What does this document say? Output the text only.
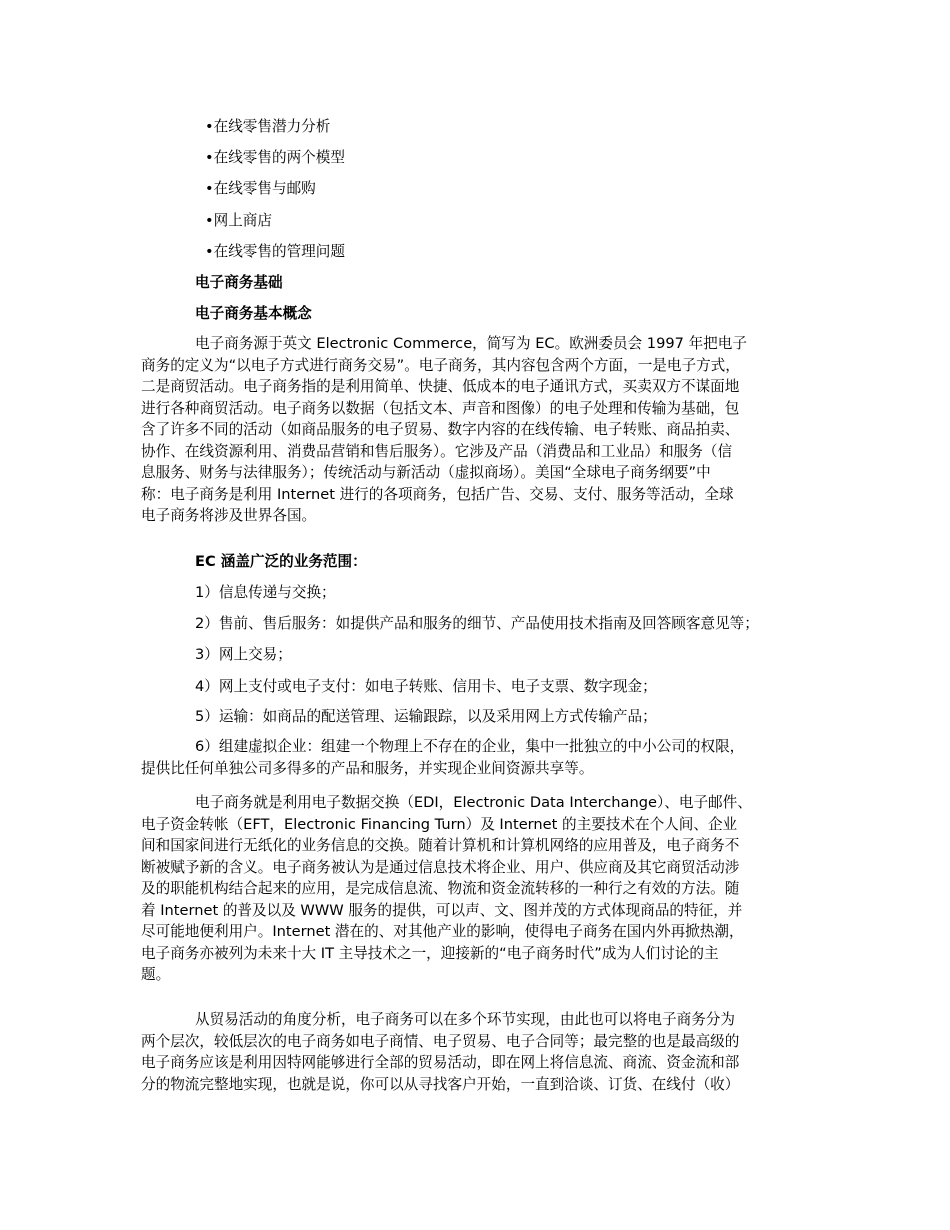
•在线零售潜力分析
•在线零售的两个模型
•在线零售与邮购
•网上商店
•在线零售的管理问题
电子商务基础
电子商务基本概念
电子商务源于英文 Electronic Commerce，简写为 EC。欧洲委员会 1997 年把电子
商务的定义为“以电子方式进行商务交易”。电子商务，其内容包含两个方面，一是电子方式，
二是商贸活动。电子商务指的是利用简单、快捷、低成本的电子通讯方式，买卖双方不谋面地
进行各种商贸活动。电子商务以数据（包括文本、声音和图像）的电子处理和传输为基础，包
含了许多不同的活动（如商品服务的电子贸易、数字内容的在线传输、电子转账、商品拍卖、
协作、在线资源利用、消费品营销和售后服务）。它涉及产品（消费品和工业品）和服务（信
息服务、财务与法律服务）；传统活动与新活动（虚拟商场）。美国“全球电子商务纲要”中
称：电子商务是利用 Internet 进行的各项商务，包括广告、交易、支付、服务等活动，全球
电子商务将涉及世界各国。
EC 涵盖广泛的业务范围：
1）信息传递与交换；
2）售前、售后服务：如提供产品和服务的细节、产品使用技术指南及回答顾客意见等；
3）网上交易；
4）网上支付或电子支付：如电子转账、信用卡、电子支票、数字现金；
5）运输：如商品的配送管理、运输跟踪，以及采用网上方式传输产品；
6）组建虚拟企业：组建一个物理上不存在的企业，集中一批独立的中小公司的权限，
提供比任何单独公司多得多的产品和服务，并实现企业间资源共享等。
电子商务就是利用电子数据交换（EDI，Electronic Data Interchange）、电子邮件、
电子资金转帐（EFT，Electronic Financing Turn）及 Internet 的主要技术在个人间、企业
间和国家间进行无纸化的业务信息的交换。随着计算机和计算机网络的应用普及，电子商务不
断被赋予新的含义。电子商务被认为是通过信息技术将企业、用户、供应商及其它商贸活动涉
及的职能机构结合起来的应用，是完成信息流、物流和资金流转移的一种行之有效的方法。随
着 Internet 的普及以及 WWW 服务的提供，可以声、文、图并茂的方式体现商品的特征，并
尽可能地便利用户。Internet 潜在的、对其他产业的影响，使得电子商务在国内外再掀热潮，
电子商务亦被列为未来十大 IT 主导技术之一，迎接新的“电子商务时代”成为人们讨论的主
题。
从贸易活动的角度分析，电子商务可以在多个环节实现，由此也可以将电子商务分为
两个层次，较低层次的电子商务如电子商情、电子贸易、电子合同等；最完整的也是最高级的
电子商务应该是利用因特网能够进行全部的贸易活动，即在网上将信息流、商流、资金流和部
分的物流完整地实现，也就是说，你可以从寻找客户开始，一直到洽谈、订货、在线付（收）
